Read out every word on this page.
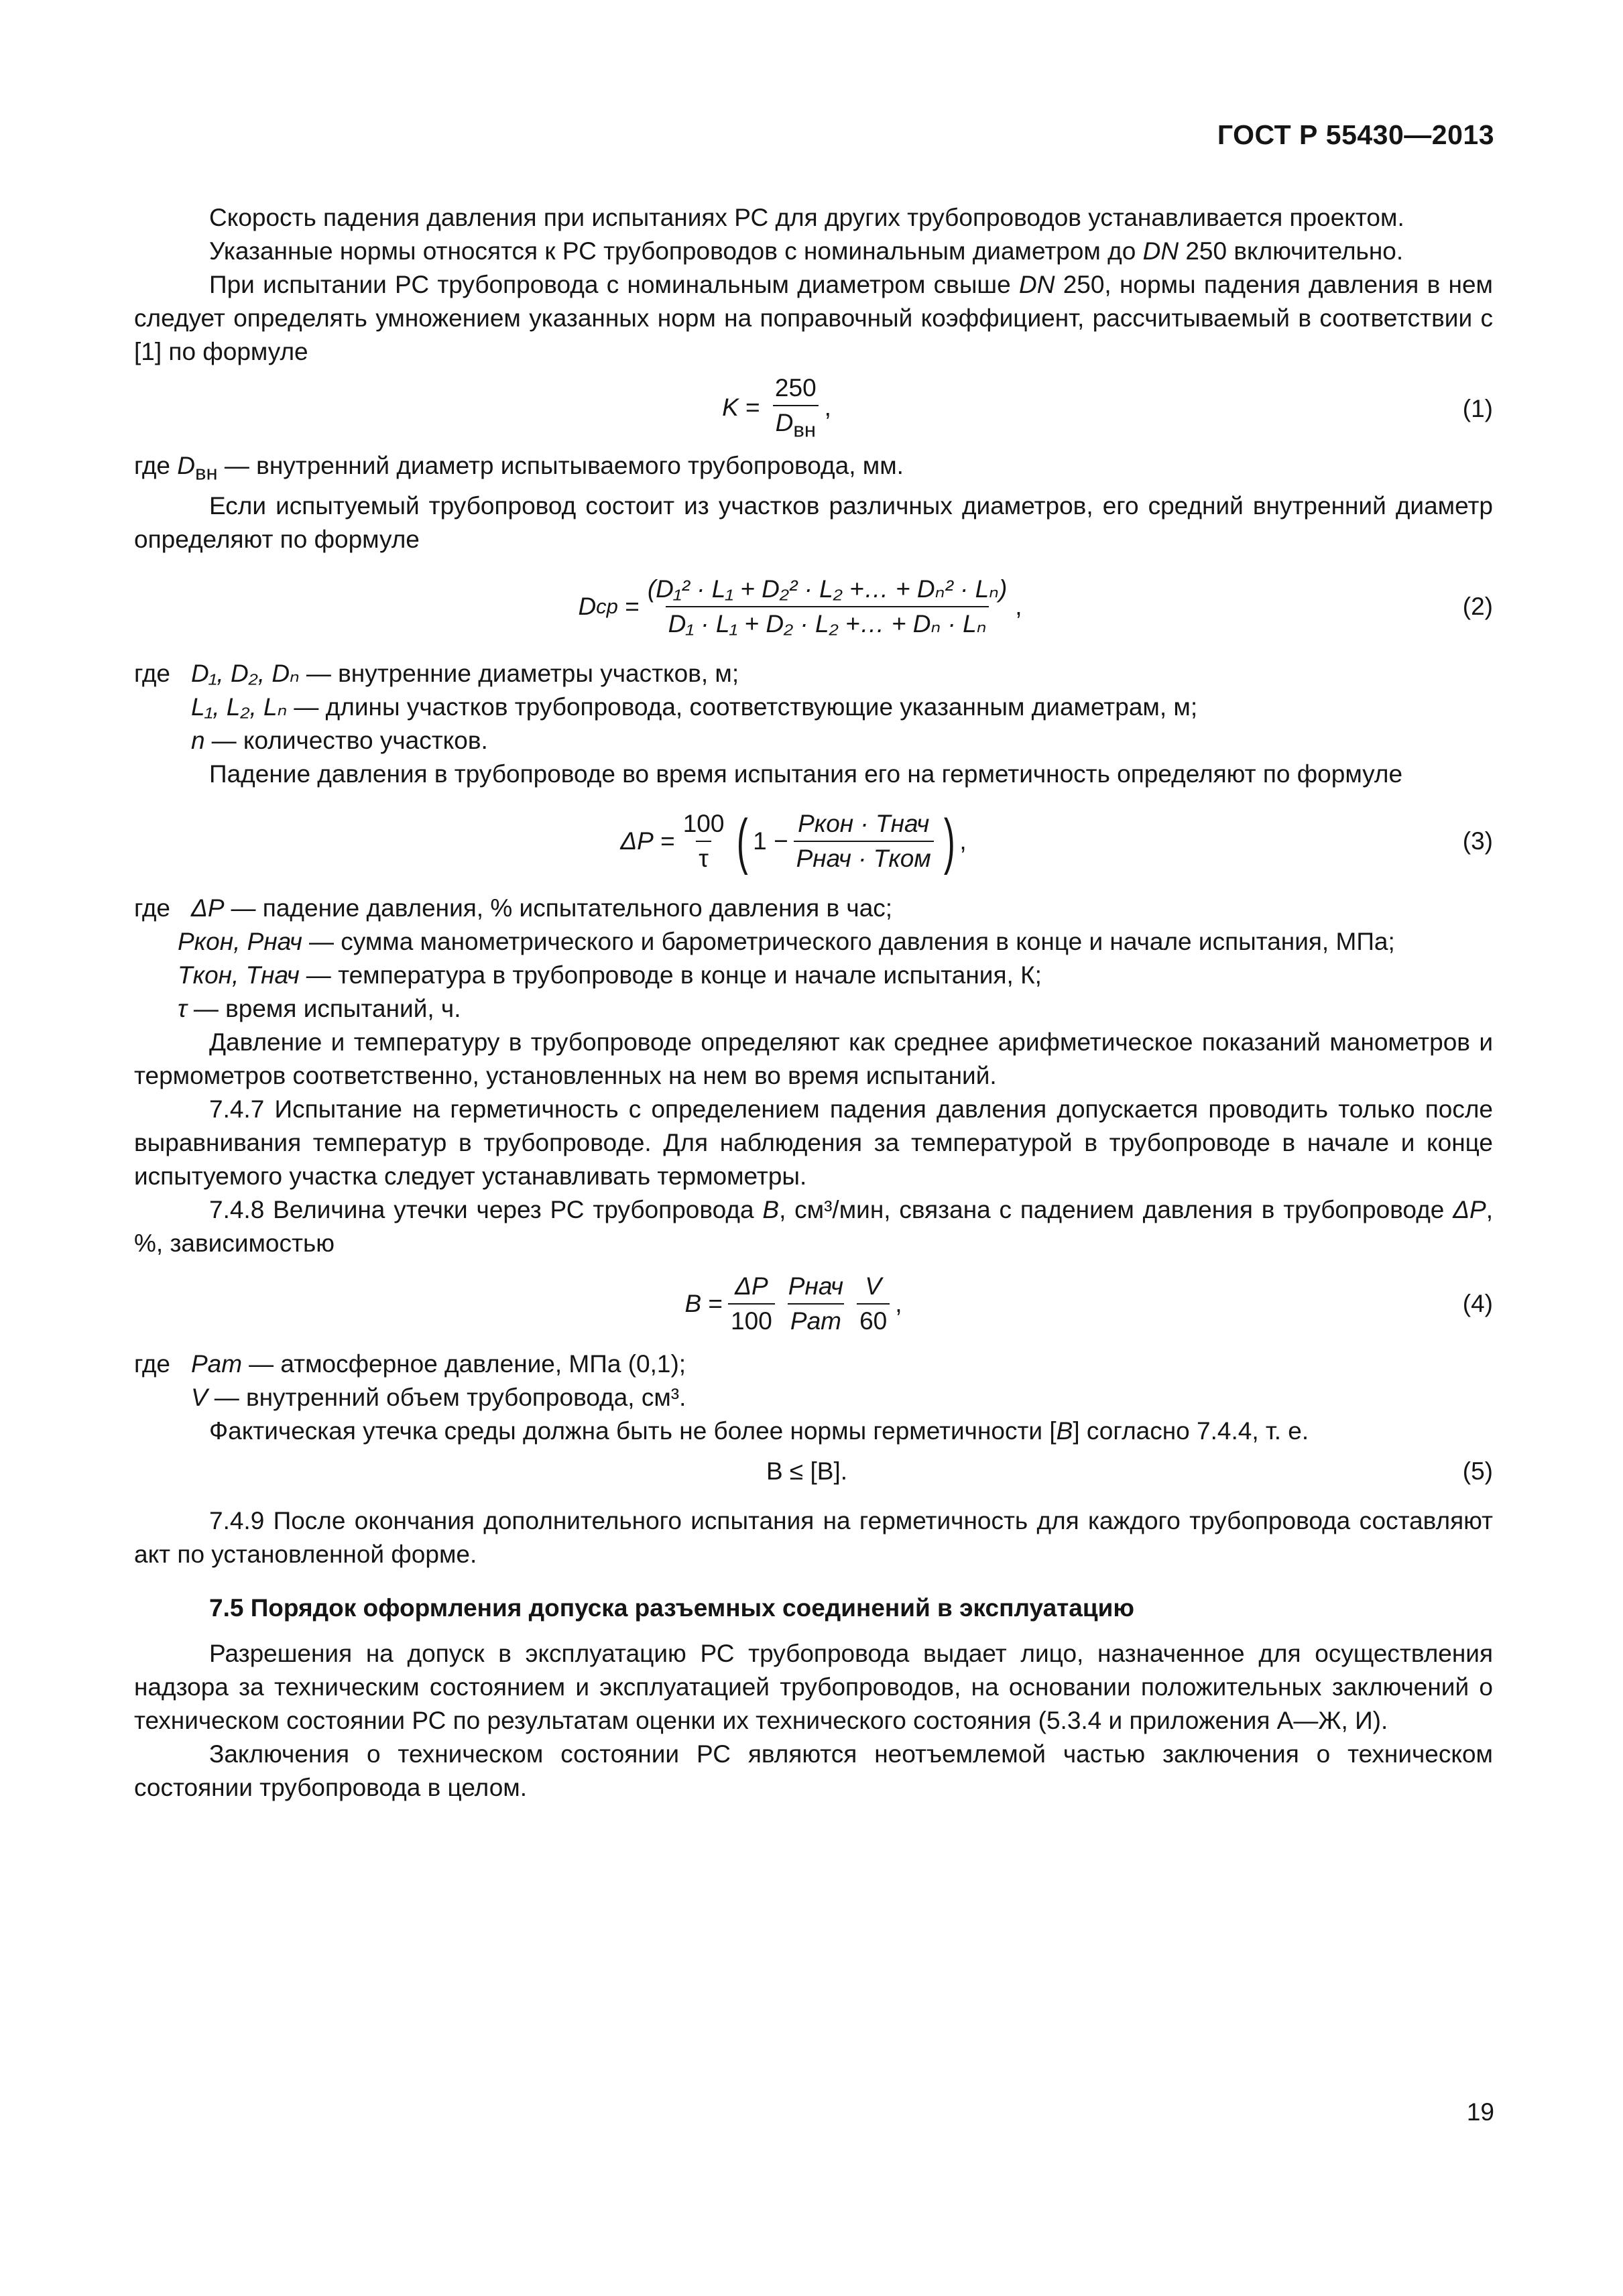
ГОСТ Р 55430—2013

Скорость падения давления при испытаниях РС для других трубопроводов устанавливается проектом.

Указанные нормы относятся к РС трубопроводов с номинальным диаметром до DN 250 включительно.

При испытании РС трубопровода с номинальным диаметром свыше DN 250, нормы падения давления в нем следует определять умножением указанных норм на поправочный коэффициент, рассчитываемый в соответствии с [1] по формуле

$K = \frac{250}{D_{вн}}$ ,	(1)

где $D_{вн}$ — внутренний диаметр испытываемого трубопровода, мм.

Если испытуемый трубопровод состоит из участков различных диаметров, его средний внутренний диаметр определяют по формуле

D ср = $\frac{\text{(D₁² · L₁ + D₂² · L₂ +… + Dₙ² · Lₙ)}}{\text{D₁ · L₁ + D₂ · L₂ +… + Dₙ · Lₙ}}$ ,	(2)
где D₁, D₂, Dₙ — внутренние диаметры участков, м;
L₁, L₂, Lₙ — длины участков трубопровода, соответствующие указанным диаметрам, м;
n — количество участков.

Падение давления в трубопроводе во время испытания его на герметичность определяют по формуле

$\Delta P = \frac{100}{\tau}$ ( $1 - \frac{\text{Pкон · Tнач}}{\text{Pнач · Tком}}$ ) ,	(3)
где ΔP — падение давления, % испытательного давления в час;
Pкон, Pнач — сумма манометрического и барометрического давления в конце и начале испытания, МПа;
Tкон, Tнач — температура в трубопроводе в конце и начале испытания, К;
τ — время испытаний, ч.

Давление и температуру в трубопроводе определяют как среднее арифметическое показаний манометров и термометров соответственно, установленных на нем во время испытаний.

7.4.7 Испытание на герметичность с определением падения давления допускается проводить только после выравнивания температур в трубопроводе. Для наблюдения за температурой в трубопроводе в начале и конце испытуемого участка следует устанавливать термометры.

7.4.8 Величина утечки через РС трубопровода B, см³/мин, связана с падением давления в трубопроводе ΔP, %, зависимостью

$B = \frac{\Delta P}{100} \frac{\text{Pнач}}{\text{Pат}} \frac{V}{60}$ ,	(4)
где Pат — атмосферное давление, МПа (0,1);
V — внутренний объем трубопровода, см³.

Фактическая утечка среды должна быть не более нормы герметичности [B] согласно 7.4.4, т. е.

B ≤ [B].	(5)

7.4.9 После окончания дополнительного испытания на герметичность для каждого трубопровода составляют акт по установленной форме.

7.5 Порядок оформления допуска разъемных соединений в эксплуатацию

Разрешения на допуск в эксплуатацию РС трубопровода выдает лицо, назначенное для осуществления надзора за техническим состоянием и эксплуатацией трубопроводов, на основании положительных заключений о техническом состоянии РС по результатам оценки их технического состояния (5.3.4 и приложения А—Ж, И).

Заключения о техническом состоянии РС являются неотъемлемой частью заключения о техническом состоянии трубопровода в целом.

19
